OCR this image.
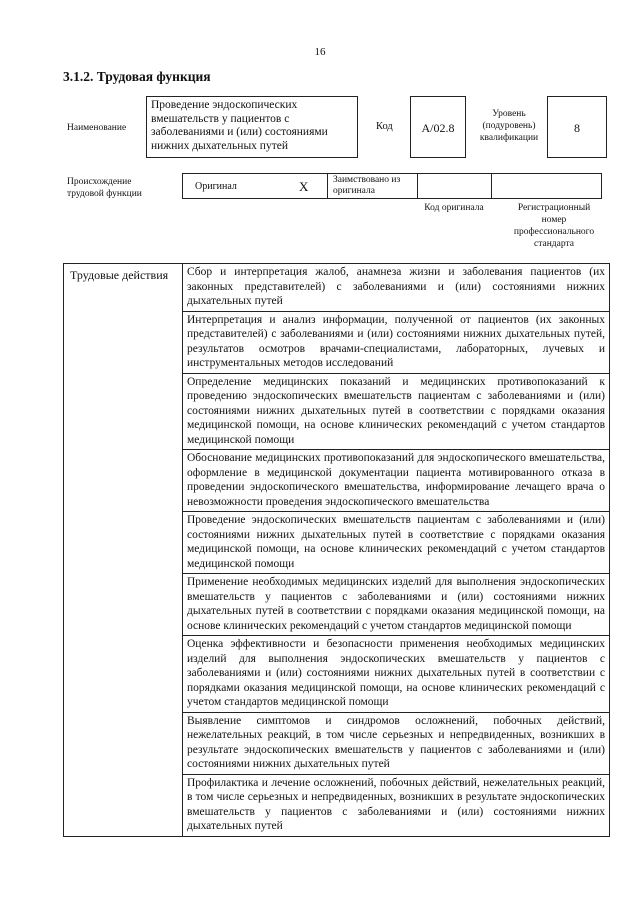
16
3.1.2. Трудовая функция
Наименование
Проведение эндоскопических вмешательств у пациентов с заболеваниями и (или) состояниями нижних дыхательных путей
Код	A/02.8
Уровень (подуровень) квалификации
8
Происхождение трудовой функции
Оригинал	X	Заимствовано из оригинала
Код оригинала	Регистрационный номер профессионального стандарта
Трудовые действия	Сбор и интерпретация жалоб, анамнеза жизни и заболевания пациентов (их законных представителей) с заболеваниями и (или) состояниями нижних дыхательных путей
Интерпретация и анализ информации, полученной от пациентов (их законных представителей) с заболеваниями и (или) состояниями нижних дыхательных путей, результатов осмотров врачами-специалистами, лабораторных, лучевых и инструментальных методов исследований
Определение медицинских показаний и медицинских противопоказаний к проведению эндоскопических вмешательств пациентам с заболеваниями и (или) состояниями нижних дыхательных путей в соответствии с порядками оказания медицинской помощи, на основе клинических рекомендаций с учетом стандартов медицинской помощи
Обоснование медицинских противопоказаний для эндоскопического вмешательства, оформление в медицинской документации пациента мотивированного отказа в проведении эндоскопического вмешательства, информирование лечащего врача о невозможности проведения эндоскопического вмешательства
Проведение эндоскопических вмешательств пациентам с заболеваниями и (или) состояниями нижних дыхательных путей в соответствие с порядками оказания медицинской помощи, на основе клинических рекомендаций с учетом стандартов медицинской помощи
Применение необходимых медицинских изделий для выполнения эндоскопических вмешательств у пациентов с заболеваниями и (или) состояниями нижних дыхательных путей в соответствии с порядками оказания медицинской помощи, на основе клинических рекомендаций с учетом стандартов медицинской помощи
Оценка эффективности и безопасности применения необходимых медицинских изделий для выполнения эндоскопических вмешательств у пациентов с заболеваниями и (или) состояниями нижних дыхательных путей в соответствии с порядками оказания медицинской помощи, на основе клинических рекомендаций с учетом стандартов медицинской помощи
Выявление симптомов и синдромов осложнений, побочных действий, нежелательных реакций, в том числе серьезных и непредвиденных, возникших в результате эндоскопических вмешательств у пациентов с заболеваниями и (или) состояниями нижних дыхательных путей
Профилактика и лечение осложнений, побочных действий, нежелательных реакций, в том числе серьезных и непредвиденных, возникших в результате эндоскопических вмешательств у пациентов с заболеваниями и (или) состояниями нижних дыхательных путей
